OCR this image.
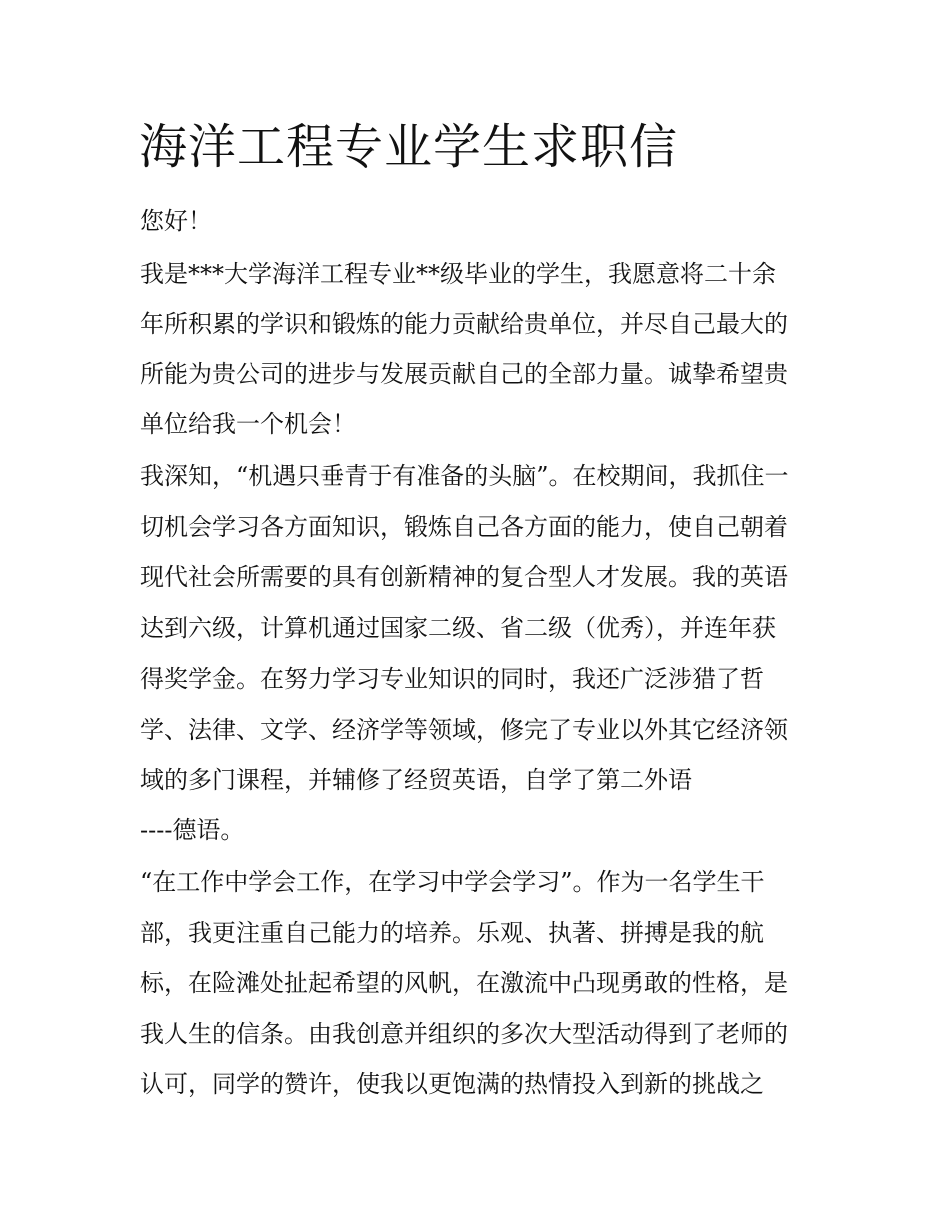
海洋工程专业学生求职信

您好！

我是***大学海洋工程专业**级毕业的学生，我愿意将二十余

年所积累的学识和锻炼的能力贡献给贵单位，并尽自己最大的

所能为贵公司的进步与发展贡献自己的全部力量。诚挚希望贵

单位给我一个机会！

我深知，“机遇只垂青于有准备的头脑”。在校期间，我抓住一

切机会学习各方面知识，锻炼自己各方面的能力，使自己朝着

现代社会所需要的具有创新精神的复合型人才发展。我的英语

达到六级，计算机通过国家二级、省二级（优秀），并连年获

得奖学金。在努力学习专业知识的同时，我还广泛涉猎了哲

学、法律、文学、经济学等领域，修完了专业以外其它经济领

域的多门课程，并辅修了经贸英语，自学了第二外语

----德语。

“在工作中学会工作，在学习中学会学习”。作为一名学生干

部，我更注重自己能力的培养。乐观、执著、拼搏是我的航

标，在险滩处扯起希望的风帆，在激流中凸现勇敢的性格，是

我人生的信条。由我创意并组织的多次大型活动得到了老师的

认可，同学的赞许，使我以更饱满的热情投入到新的挑战之
